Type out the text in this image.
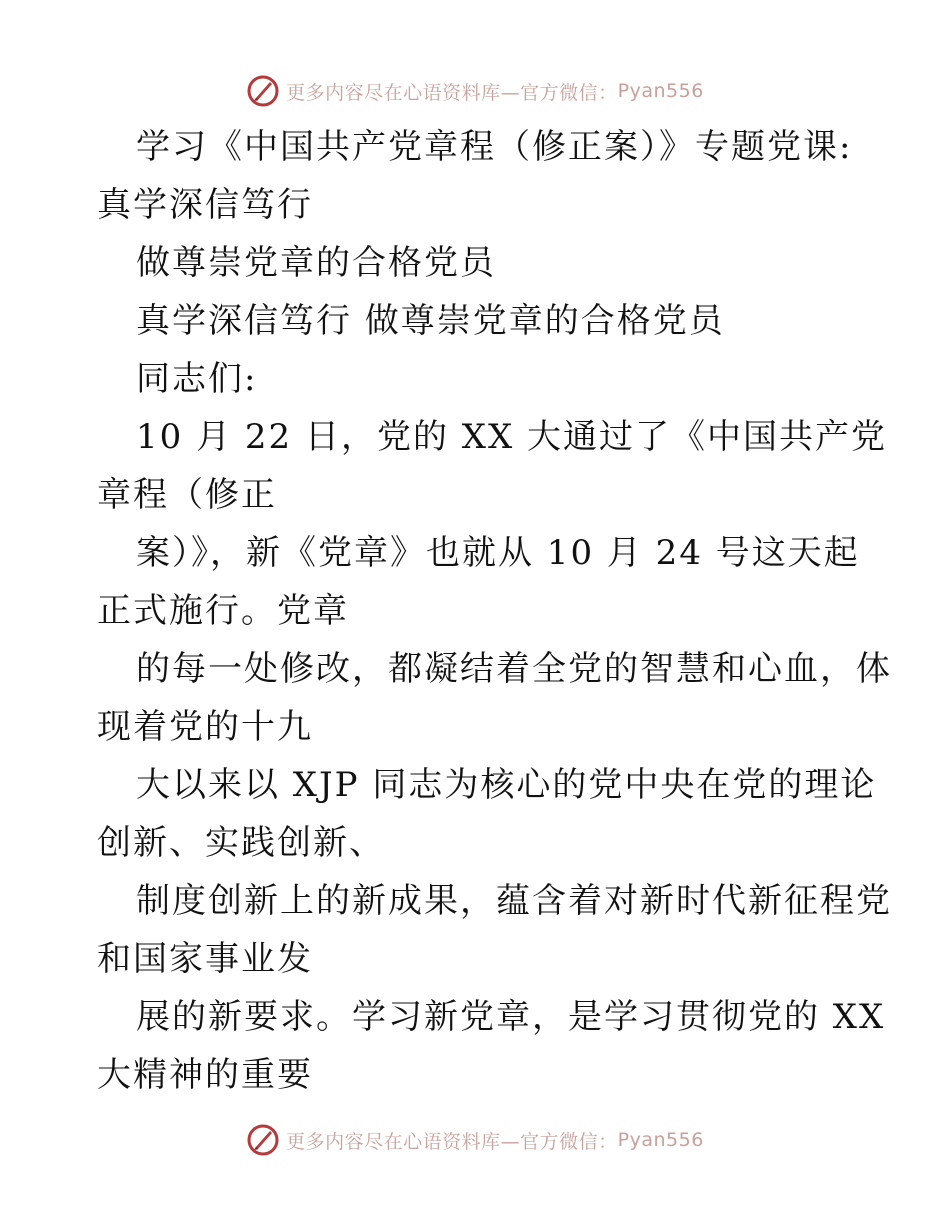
更多内容尽在心语资料库—官方微信： Pyan556
学习《中国共产党章程（修正案）》专题党课:
真学深信笃行
做尊崇党章的合格党员
真学深信笃行 做尊崇党章的合格党员
同志们:
10 月 22 日，党的 XX 大通过了《中国共产党
章程（修正
案）》，新《党章》也就从 10 月 24 号这天起
正式施行。党章
的每一处修改，都凝结着全党的智慧和心血，体
现着党的十九
大以来以 XJP 同志为核心的党中央在党的理论
创新、实践创新、
制度创新上的新成果，蕴含着对新时代新征程党
和国家事业发
展的新要求。学习新党章，是学习贯彻党的 XX
大精神的重要
更多内容尽在心语资料库—官方微信： Pyan556
